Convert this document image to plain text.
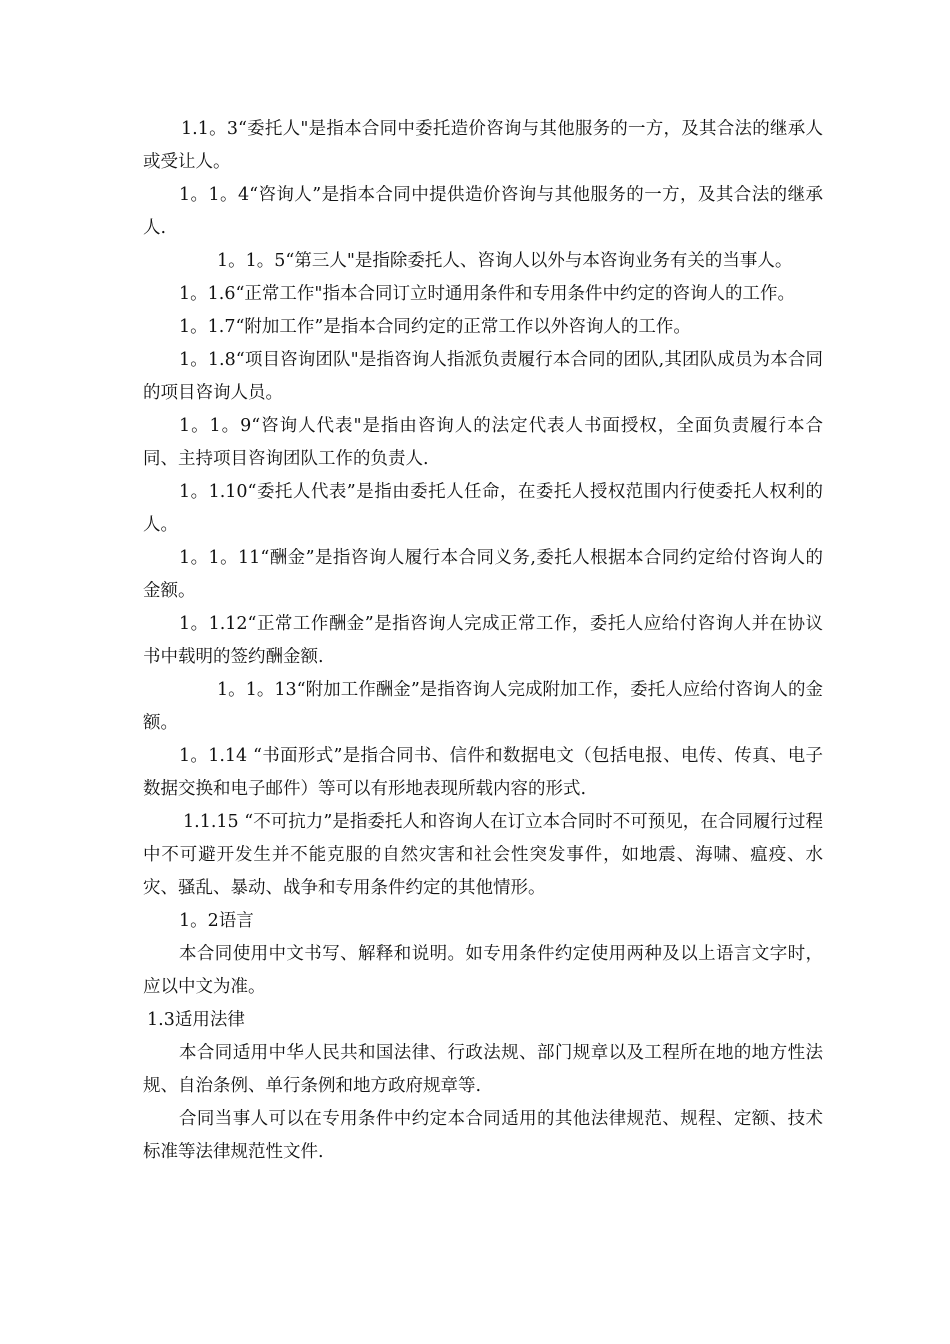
1.1。3“委托人"是指本合同中委托造价咨询与其他服务的一方，及其合法的继承人或受让人。

1。1。4“咨询人”是指本合同中提供造价咨询与其他服务的一方，及其合法的继承人.

1。1。5“第三人"是指除委托人、咨询人以外与本咨询业务有关的当事人。

1。1.6“正常工作"指本合同订立时通用条件和专用条件中约定的咨询人的工作。

1。1.7“附加工作”是指本合同约定的正常工作以外咨询人的工作。

1。1.8“项目咨询团队"是指咨询人指派负责履行本合同的团队,其团队成员为本合同的项目咨询人员。

1。1。9“咨询人代表"是指由咨询人的法定代表人书面授权，全面负责履行本合同、主持项目咨询团队工作的负责人.

1。1.10“委托人代表”是指由委托人任命，在委托人授权范围内行使委托人权利的人。

1。1。11“酬金”是指咨询人履行本合同义务,委托人根据本合同约定给付咨询人的金额。

1。1.12“正常工作酬金”是指咨询人完成正常工作，委托人应给付咨询人并在协议书中载明的签约酬金额.

1。1。13“附加工作酬金”是指咨询人完成附加工作，委托人应给付咨询人的金额。

1。1.14 “书面形式”是指合同书、信件和数据电文（包括电报、电传、传真、电子数据交换和电子邮件）等可以有形地表现所载内容的形式.

1.1.15 “不可抗力”是指委托人和咨询人在订立本合同时不可预见，在合同履行过程中不可避开发生并不能克服的自然灾害和社会性突发事件，如地震、海啸、瘟疫、水灾、骚乱、暴动、战争和专用条件约定的其他情形。

1。2语言

本合同使用中文书写、解释和说明。如专用条件约定使用两种及以上语言文字时，应以中文为准。

1.3适用法律

本合同适用中华人民共和国法律、行政法规、部门规章以及工程所在地的地方性法规、自治条例、单行条例和地方政府规章等.

合同当事人可以在专用条件中约定本合同适用的其他法律规范、规程、定额、技术标准等法律规范性文件.
